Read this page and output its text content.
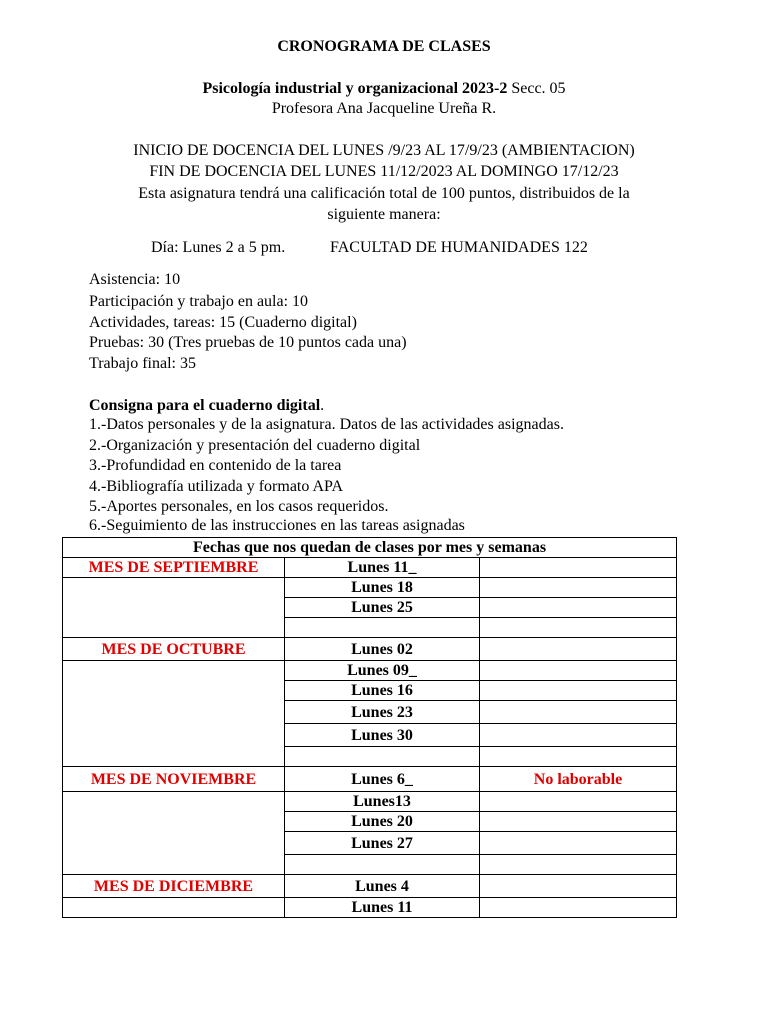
CRONOGRAMA DE CLASES
Psicología industrial y organizacional 2023-2 Secc. 05
Profesora Ana Jacqueline Ureña R.
INICIO DE DOCENCIA DEL LUNES /9/23 AL 17/9/23 (AMBIENTACION)
FIN DE DOCENCIA DEL LUNES 11/12/2023 AL DOMINGO 17/12/23
Esta asignatura tendrá una calificación total de 100 puntos, distribuidos de la
siguiente manera:
Día: Lunes 2 a 5 pm.	FACULTAD DE HUMANIDADES 122
Asistencia: 10
Participación y trabajo en aula: 10
Actividades, tareas: 15 (Cuaderno digital)
Pruebas: 30 (Tres pruebas de 10 puntos cada una)
Trabajo final: 35
Consigna para el cuaderno digital.
1.-Datos personales y de la asignatura. Datos de las actividades asignadas.
2.-Organización y presentación del cuaderno digital
3.-Profundidad en contenido de la tarea
4.-Bibliografía utilizada y formato APA
5.-Aportes personales, en los casos requeridos.
6.-Seguimiento de las instrucciones en las tareas asignadas
Fechas que nos quedan de clases por mes y semanas		
MES DE SEPTIEMBRE	Lunes 11_	
	Lunes 18	
	Lunes 25	

MES DE OCTUBRE	Lunes 02	
	Lunes 09_	
	Lunes 16	
	Lunes 23	
	Lunes 30	

MES DE NOVIEMBRE	Lunes 6_	No laborable
	Lunes13	
	Lunes 20	
	Lunes 27	

MES DE DICIEMBRE	Lunes 4	
	Lunes 11	
